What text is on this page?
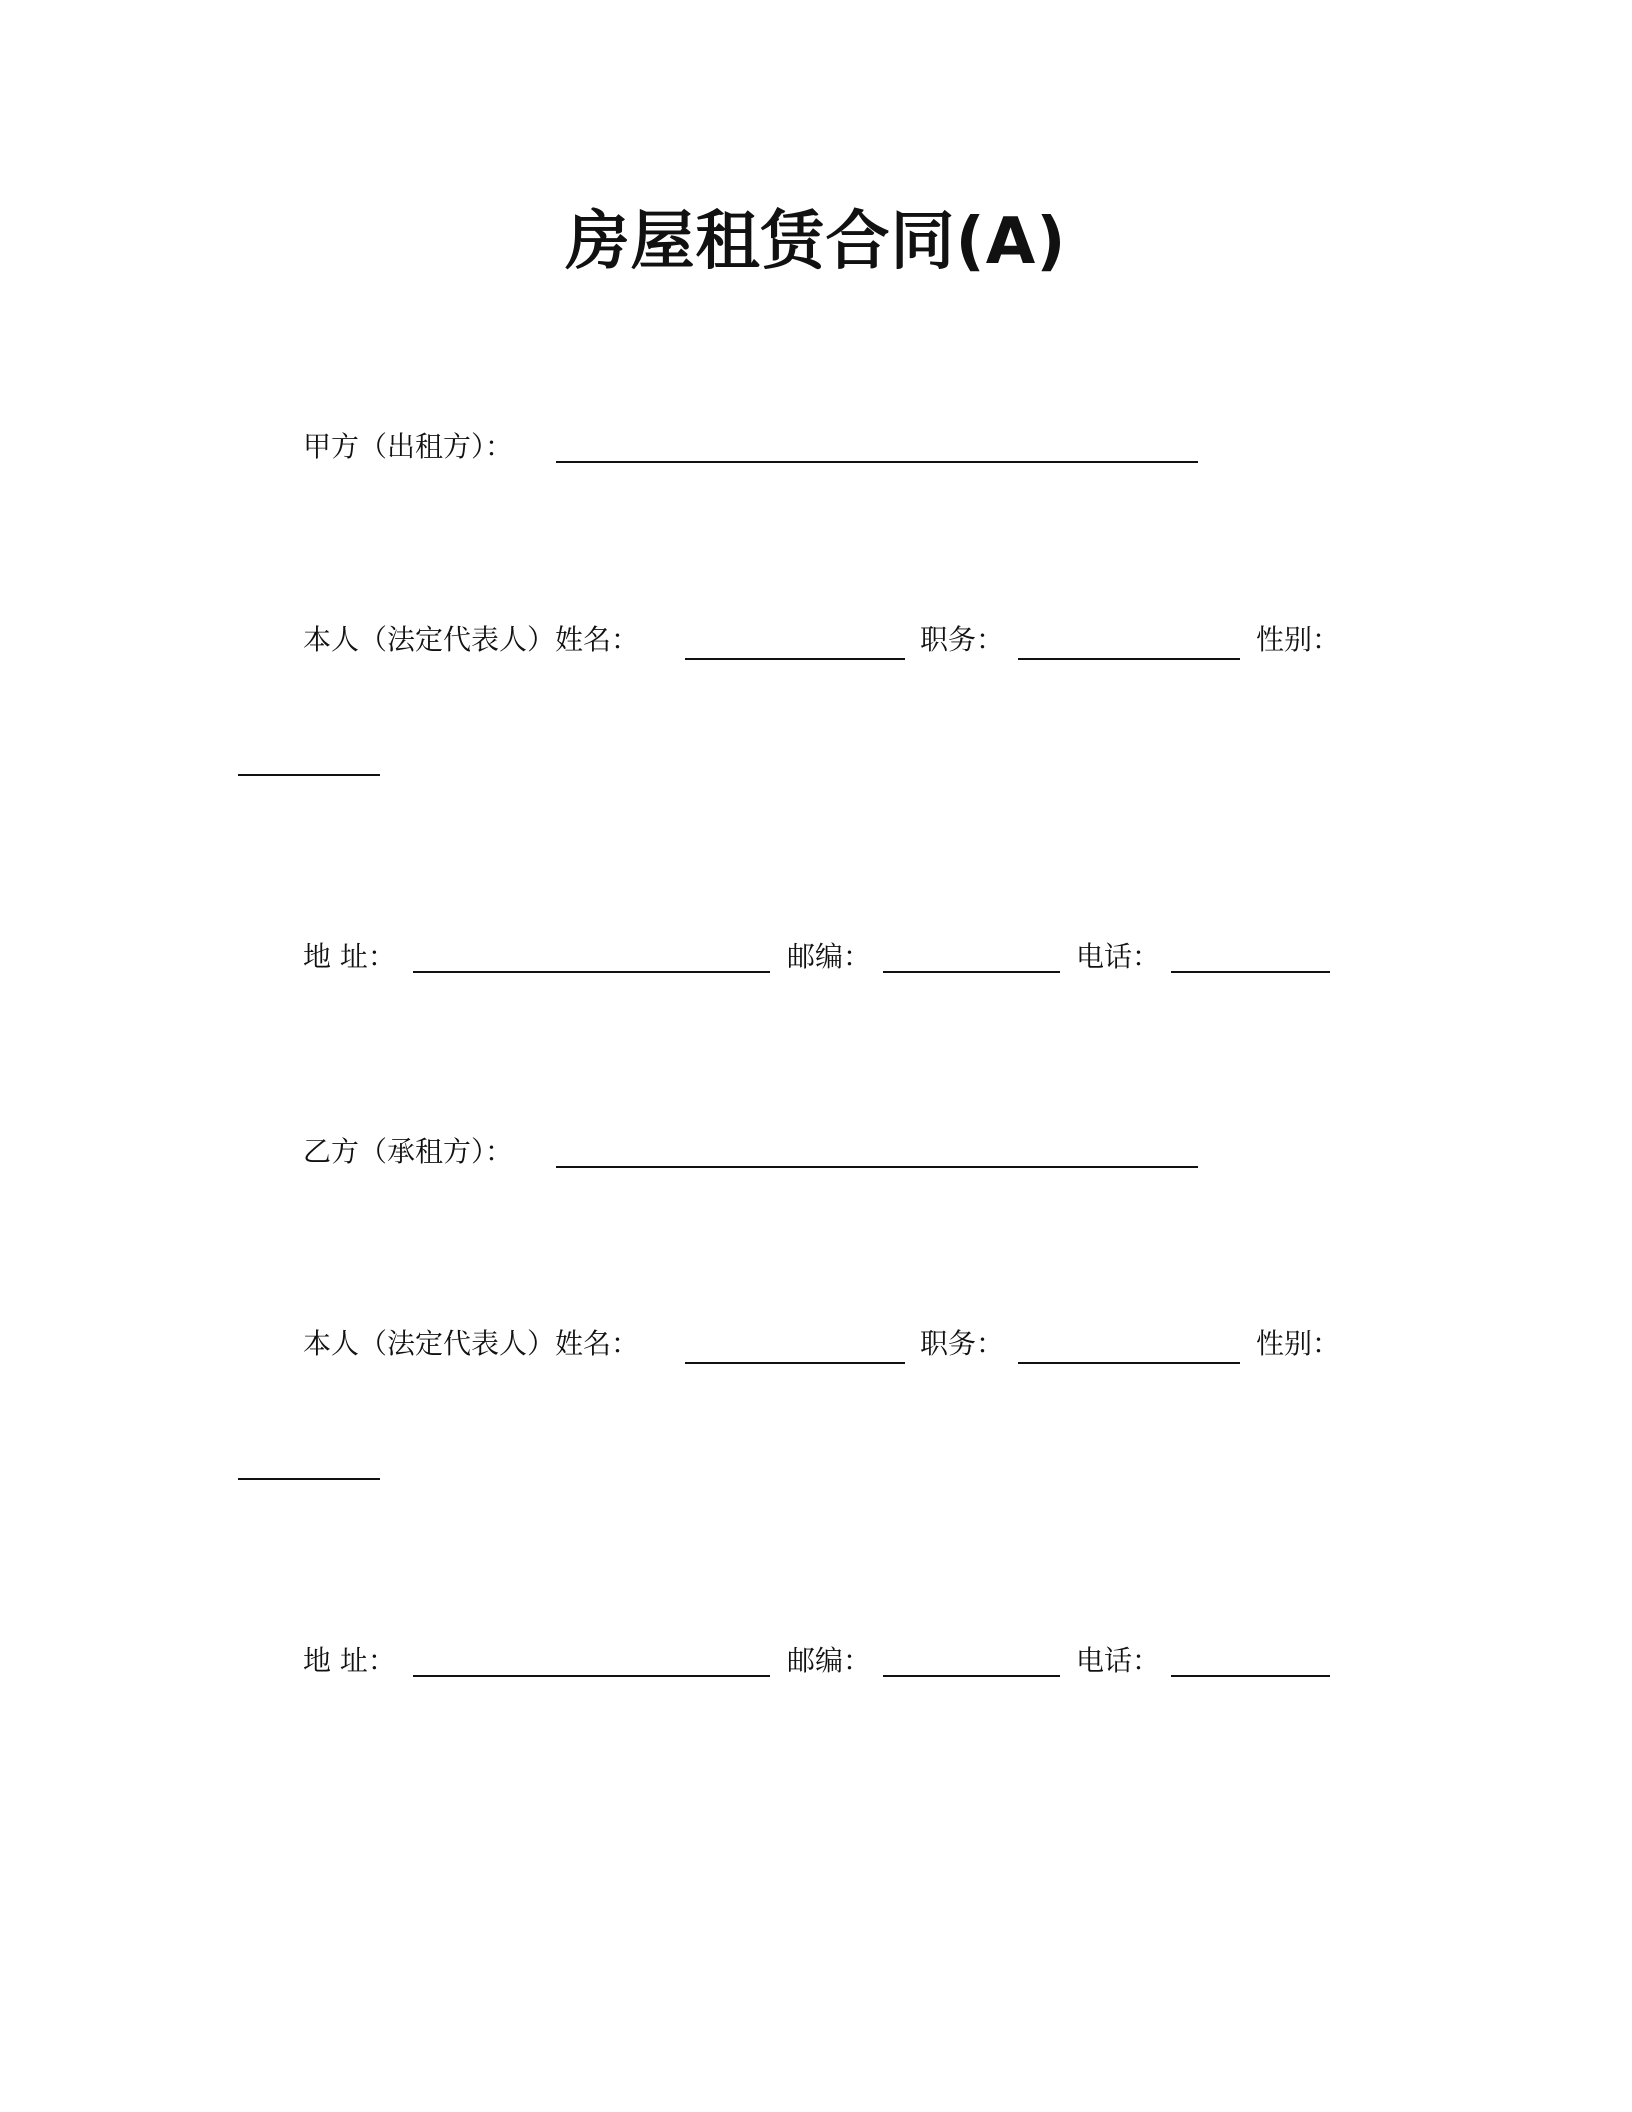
房屋租赁合同(A)
甲方（出租方）：
本人（法定代表人）姓名：	职务：	性别：
地 址：	邮编：	电话：
乙方（承租方）：
本人（法定代表人）姓名：	职务：	性别：
地 址：	邮编：	电话：
